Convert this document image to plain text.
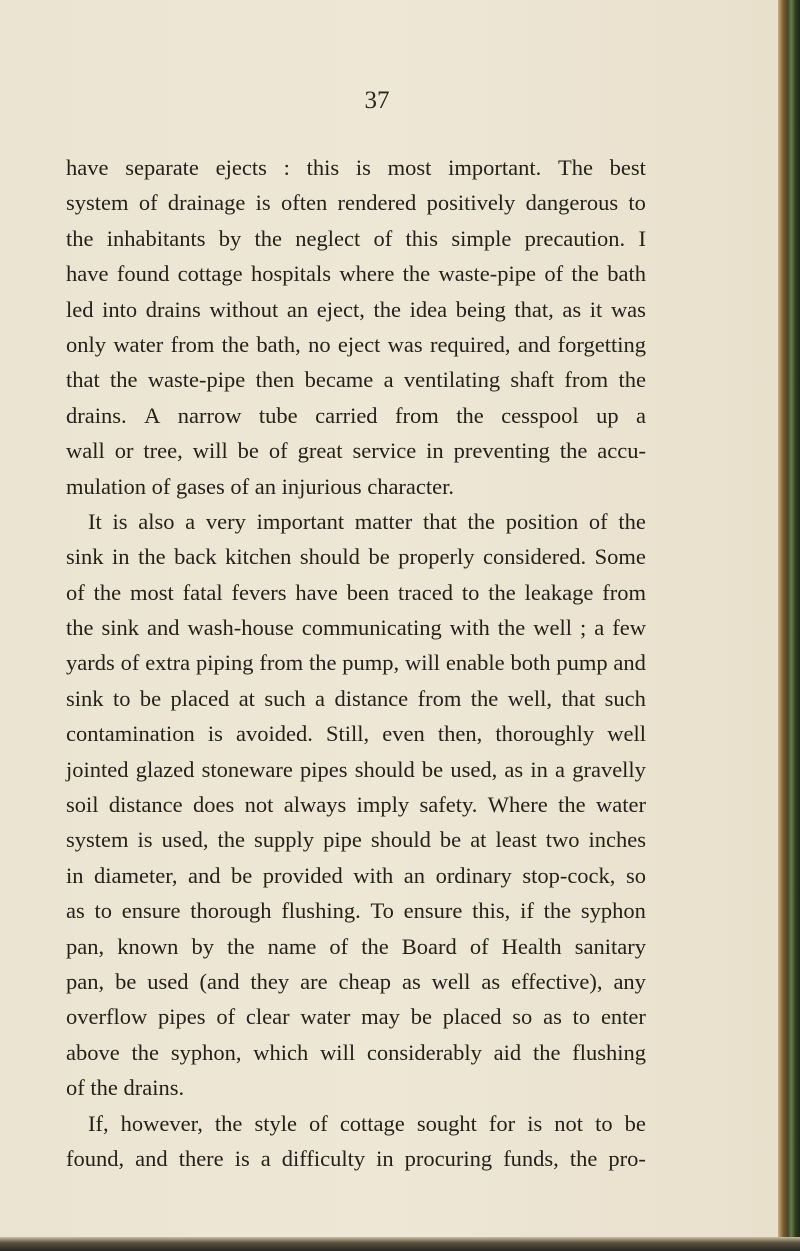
37
have separate ejects : this is most important. The best
system of drainage is often rendered positively dangerous to
the inhabitants by the neglect of this simple precaution. I
have found cottage hospitals where the waste-pipe of the bath
led into drains without an eject, the idea being that, as it was
only water from the bath, no eject was required, and forgetting
that the waste-pipe then became a ventilating shaft from the
drains. A narrow tube carried from the cesspool up a
wall or tree, will be of great service in preventing the accu-
mulation of gases of an injurious character.
It is also a very important matter that the position of the
sink in the back kitchen should be properly considered. Some
of the most fatal fevers have been traced to the leakage from
the sink and wash-house communicating with the well ; a few
yards of extra piping from the pump, will enable both pump and
sink to be placed at such a distance from the well, that such
contamination is avoided. Still, even then, thoroughly well
jointed glazed stoneware pipes should be used, as in a gravelly
soil distance does not always imply safety. Where the water
system is used, the supply pipe should be at least two inches
in diameter, and be provided with an ordinary stop-cock, so
as to ensure thorough flushing. To ensure this, if the syphon
pan, known by the name of the Board of Health sanitary
pan, be used (and they are cheap as well as effective), any
overflow pipes of clear water may be placed so as to enter
above the syphon, which will considerably aid the flushing
of the drains.
If, however, the style of cottage sought for is not to be
found, and there is a difficulty in procuring funds, the pro-
